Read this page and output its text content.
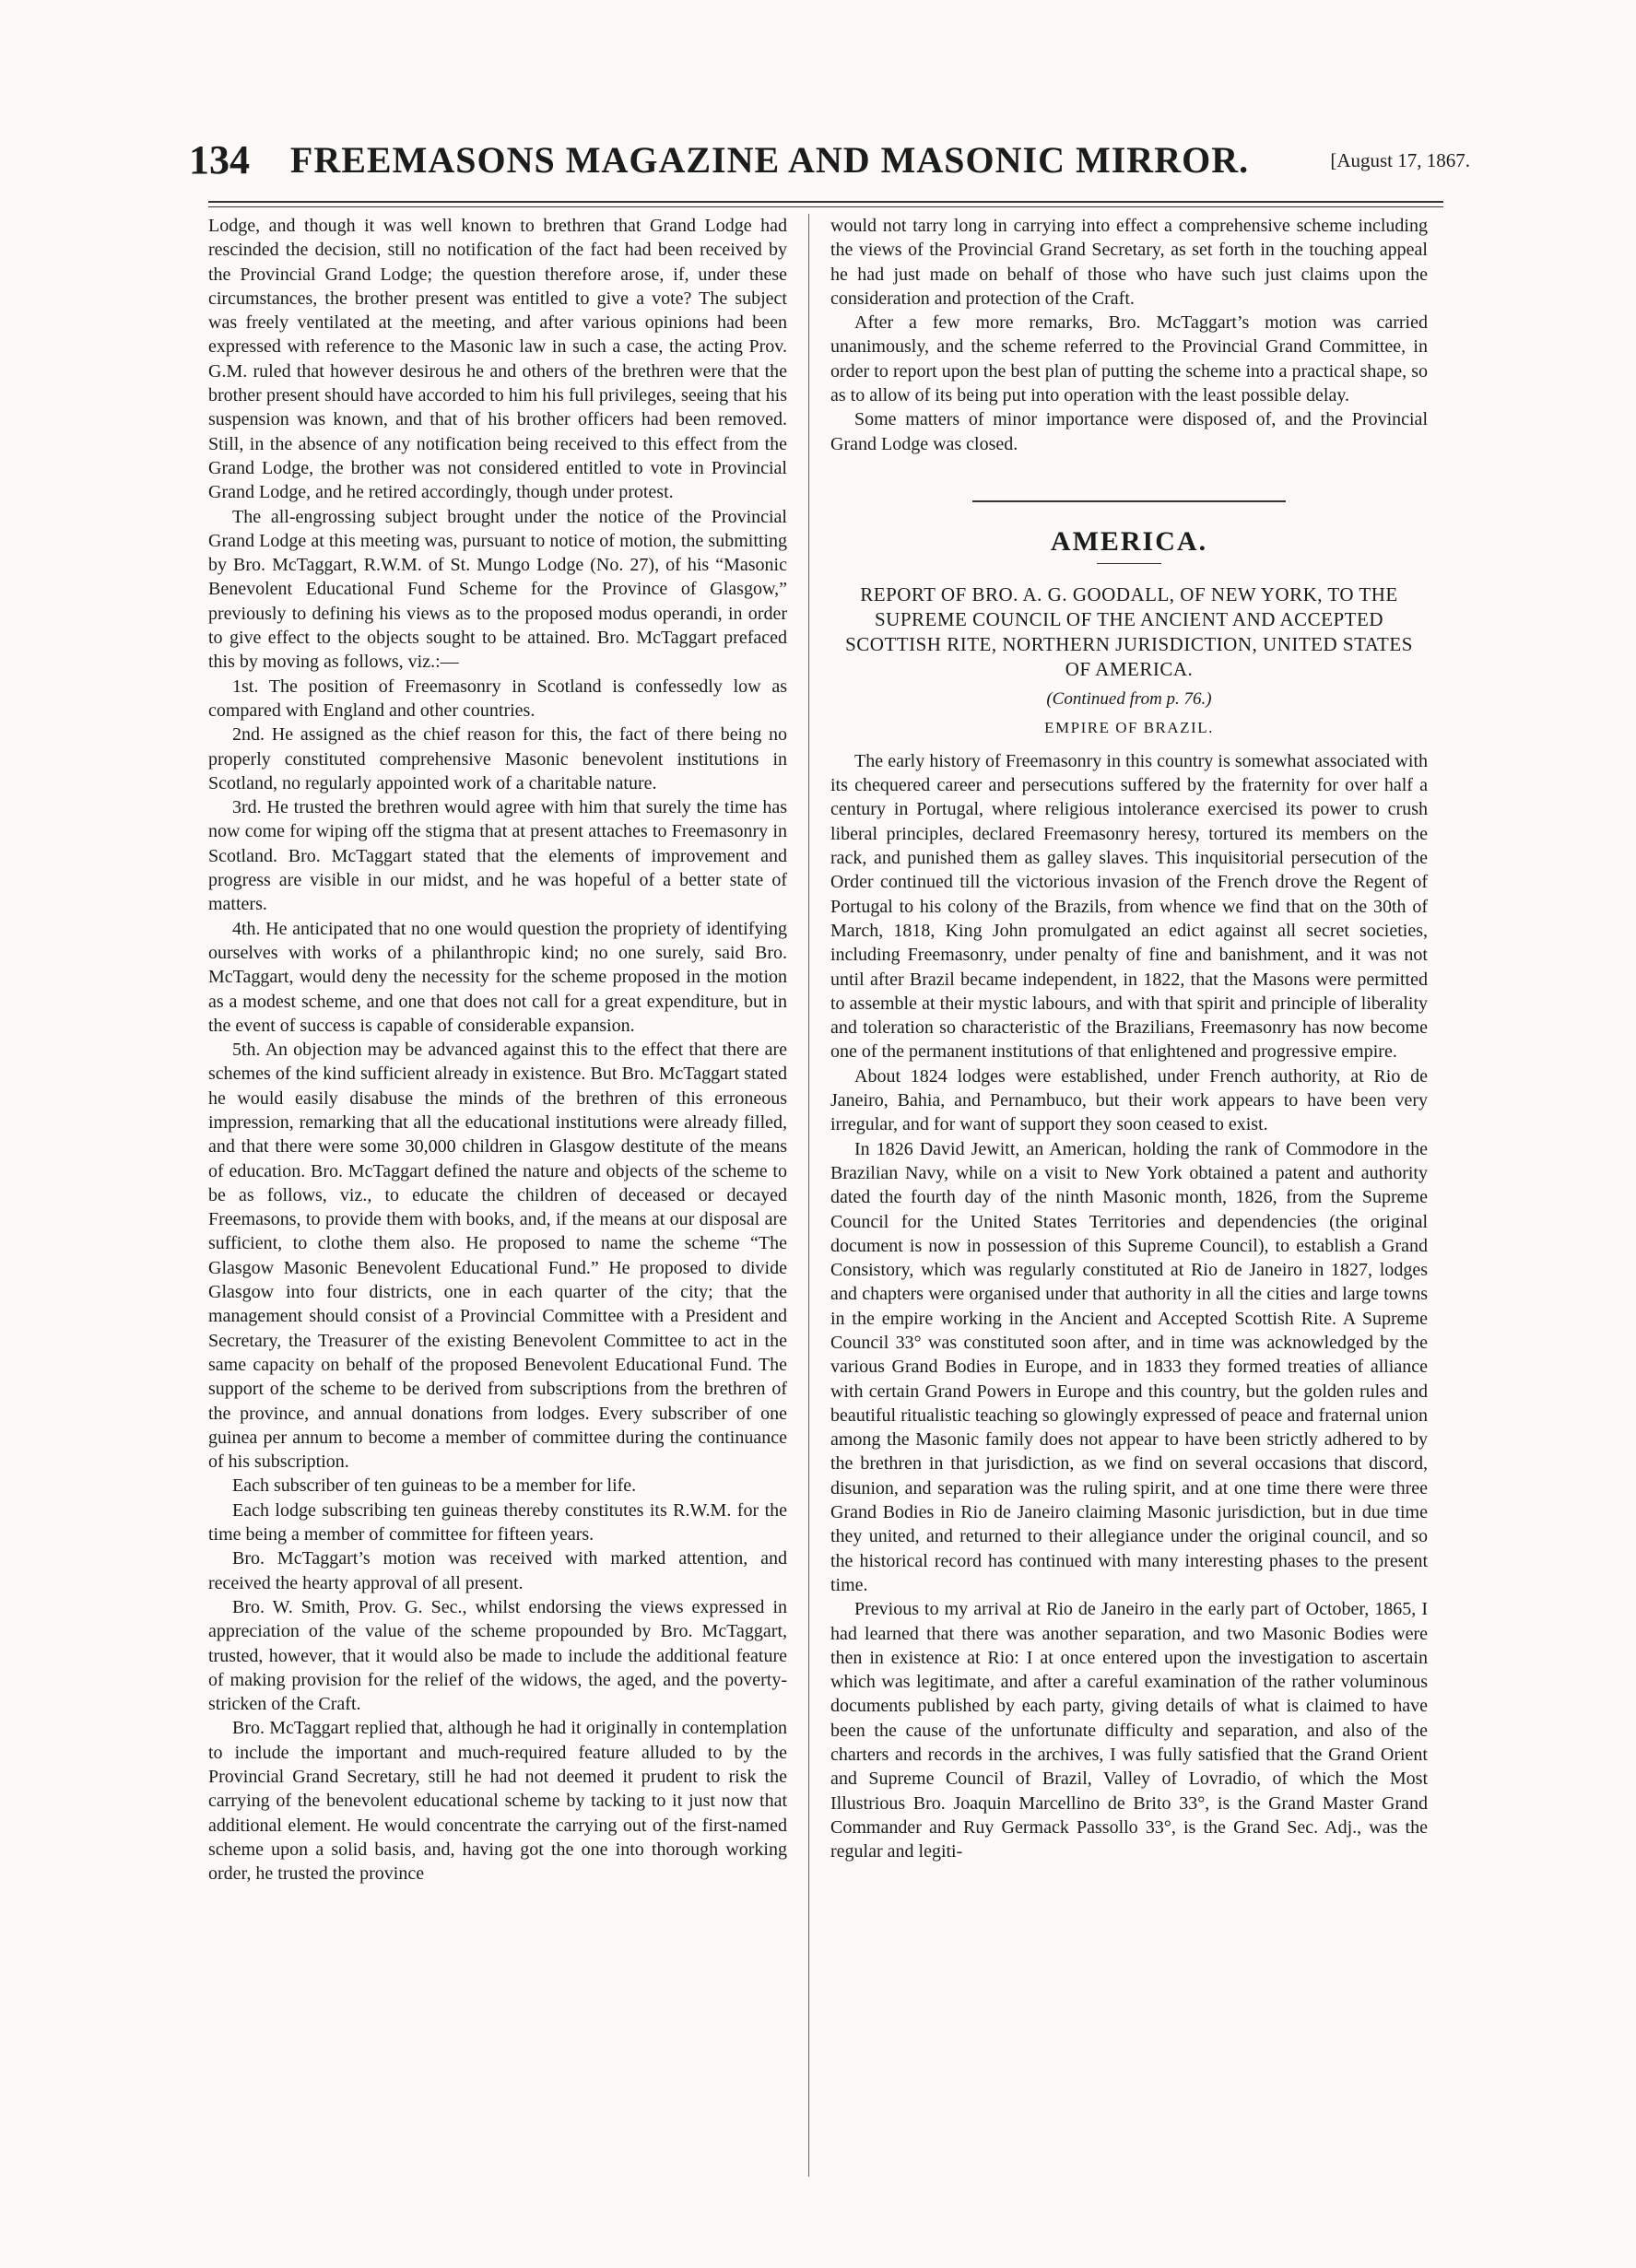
134	FREEMASONS MAGAZINE AND MASONIC MIRROR.	[August 17, 1867.

Lodge, and though it was well known to brethren that Grand Lodge had rescinded the decision, still no notification of the fact had been received by the Provincial Grand Lodge; the question therefore arose, if, under these circumstances, the brother present was entitled to give a vote? The subject was freely ventilated at the meeting, and after various opinions had been expressed with reference to the Masonic law in such a case, the acting Prov. G.M. ruled that however desirous he and others of the brethren were that the brother present should have accorded to him his full privileges, seeing that his suspension was known, and that of his brother officers had been removed. Still, in the absence of any notification being received to this effect from the Grand Lodge, the brother was not considered entitled to vote in Provincial Grand Lodge, and he retired accordingly, though under protest.

The all-engrossing subject brought under the notice of the Provincial Grand Lodge at this meeting was, pursuant to notice of motion, the submitting by Bro. McTaggart, R.W.M. of St. Mungo Lodge (No. 27), of his “Masonic Benevolent Educational Fund Scheme for the Province of Glasgow,” previously to defining his views as to the proposed modus operandi, in order to give effect to the objects sought to be attained. Bro. McTaggart prefaced this by moving as follows, viz.:—

1st. The position of Freemasonry in Scotland is confessedly low as compared with England and other countries.

2nd. He assigned as the chief reason for this, the fact of there being no properly constituted comprehensive Masonic benevolent institutions in Scotland, no regularly appointed work of a charitable nature.

3rd. He trusted the brethren would agree with him that surely the time has now come for wiping off the stigma that at present attaches to Freemasonry in Scotland. Bro. McTaggart stated that the elements of improvement and progress are visible in our midst, and he was hopeful of a better state of matters.

4th. He anticipated that no one would question the propriety of identifying ourselves with works of a philanthropic kind; no one surely, said Bro. McTaggart, would deny the necessity for the scheme proposed in the motion as a modest scheme, and one that does not call for a great expenditure, but in the event of success is capable of considerable expansion.

5th. An objection may be advanced against this to the effect that there are schemes of the kind sufficient already in existence. But Bro. McTaggart stated he would easily disabuse the minds of the brethren of this erroneous impression, remarking that all the educational institutions were already filled, and that there were some 30,000 children in Glasgow destitute of the means of education. Bro. McTaggart defined the nature and objects of the scheme to be as follows, viz., to educate the children of deceased or decayed Freemasons, to provide them with books, and, if the means at our disposal are sufficient, to clothe them also. He proposed to name the scheme “The Glasgow Masonic Benevolent Educational Fund.” He proposed to divide Glasgow into four districts, one in each quarter of the city; that the management should consist of a Provincial Committee with a President and Secretary, the Treasurer of the existing Benevolent Committee to act in the same capacity on behalf of the proposed Benevolent Educational Fund. The support of the scheme to be derived from subscriptions from the brethren of the province, and annual donations from lodges. Every subscriber of one guinea per annum to become a member of committee during the continuance of his subscription.

Each subscriber of ten guineas to be a member for life.

Each lodge subscribing ten guineas thereby constitutes its R.W.M. for the time being a member of committee for fifteen years.

Bro. McTaggart’s motion was received with marked attention, and received the hearty approval of all present.

Bro. W. Smith, Prov. G. Sec., whilst endorsing the views expressed in appreciation of the value of the scheme propounded by Bro. McTaggart, trusted, however, that it would also be made to include the additional feature of making provision for the relief of the widows, the aged, and the poverty-stricken of the Craft.

Bro. McTaggart replied that, although he had it originally in contemplation to include the important and much-required feature alluded to by the Provincial Grand Secretary, still he had not deemed it prudent to risk the carrying of the benevolent educational scheme by tacking to it just now that additional element. He would concentrate the carrying out of the first-named scheme upon a solid basis, and, having got the one into thorough working order, he trusted the province

would not tarry long in carrying into effect a comprehensive scheme including the views of the Provincial Grand Secretary, as set forth in the touching appeal he had just made on behalf of those who have such just claims upon the consideration and protection of the Craft.

After a few more remarks, Bro. McTaggart’s motion was carried unanimously, and the scheme referred to the Provincial Grand Committee, in order to report upon the best plan of putting the scheme into a practical shape, so as to allow of its being put into operation with the least possible delay.

Some matters of minor importance were disposed of, and the Provincial Grand Lodge was closed.

AMERICA.
REPORT OF BRO. A. G. GOODALL, OF NEW YORK, TO THE SUPREME COUNCIL OF THE ANCIENT AND ACCEPTED SCOTTISH RITE, NORTHERN JURISDICTION, UNITED STATES OF AMERICA.
(Continued from p. 76.)
EMPIRE OF BRAZIL.

The early history of Freemasonry in this country is somewhat associated with its chequered career and persecutions suffered by the fraternity for over half a century in Portugal, where religious intolerance exercised its power to crush liberal principles, declared Freemasonry heresy, tortured its members on the rack, and punished them as galley slaves. This inquisitorial persecution of the Order continued till the victorious invasion of the French drove the Regent of Portugal to his colony of the Brazils, from whence we find that on the 30th of March, 1818, King John promulgated an edict against all secret societies, including Freemasonry, under penalty of fine and banishment, and it was not until after Brazil became independent, in 1822, that the Masons were permitted to assemble at their mystic labours, and with that spirit and principle of liberality and toleration so characteristic of the Brazilians, Freemasonry has now become one of the permanent institutions of that enlightened and progressive empire.

About 1824 lodges were established, under French authority, at Rio de Janeiro, Bahia, and Pernambuco, but their work appears to have been very irregular, and for want of support they soon ceased to exist.

In 1826 David Jewitt, an American, holding the rank of Commodore in the Brazilian Navy, while on a visit to New York obtained a patent and authority dated the fourth day of the ninth Masonic month, 1826, from the Supreme Council for the United States Territories and dependencies (the original document is now in possession of this Supreme Council), to establish a Grand Consistory, which was regularly constituted at Rio de Janeiro in 1827, lodges and chapters were organised under that authority in all the cities and large towns in the empire working in the Ancient and Accepted Scottish Rite. A Supreme Council 33° was constituted soon after, and in time was acknowledged by the various Grand Bodies in Europe, and in 1833 they formed treaties of alliance with certain Grand Powers in Europe and this country, but the golden rules and beautiful ritualistic teaching so glowingly expressed of peace and fraternal union among the Masonic family does not appear to have been strictly adhered to by the brethren in that jurisdiction, as we find on several occasions that discord, disunion, and separation was the ruling spirit, and at one time there were three Grand Bodies in Rio de Janeiro claiming Masonic jurisdiction, but in due time they united, and returned to their allegiance under the original council, and so the historical record has continued with many interesting phases to the present time.

Previous to my arrival at Rio de Janeiro in the early part of October, 1865, I had learned that there was another separation, and two Masonic Bodies were then in existence at Rio: I at once entered upon the investigation to ascertain which was legitimate, and after a careful examination of the rather voluminous documents published by each party, giving details of what is claimed to have been the cause of the unfortunate difficulty and separation, and also of the charters and records in the archives, I was fully satisfied that the Grand Orient and Supreme Council of Brazil, Valley of Lovradio, of which the Most Illustrious Bro. Joaquin Marcellino de Brito 33°, is the Grand Master Grand Commander and Ruy Germack Passollo 33°, is the Grand Sec. Adj., was the regular and legiti-
